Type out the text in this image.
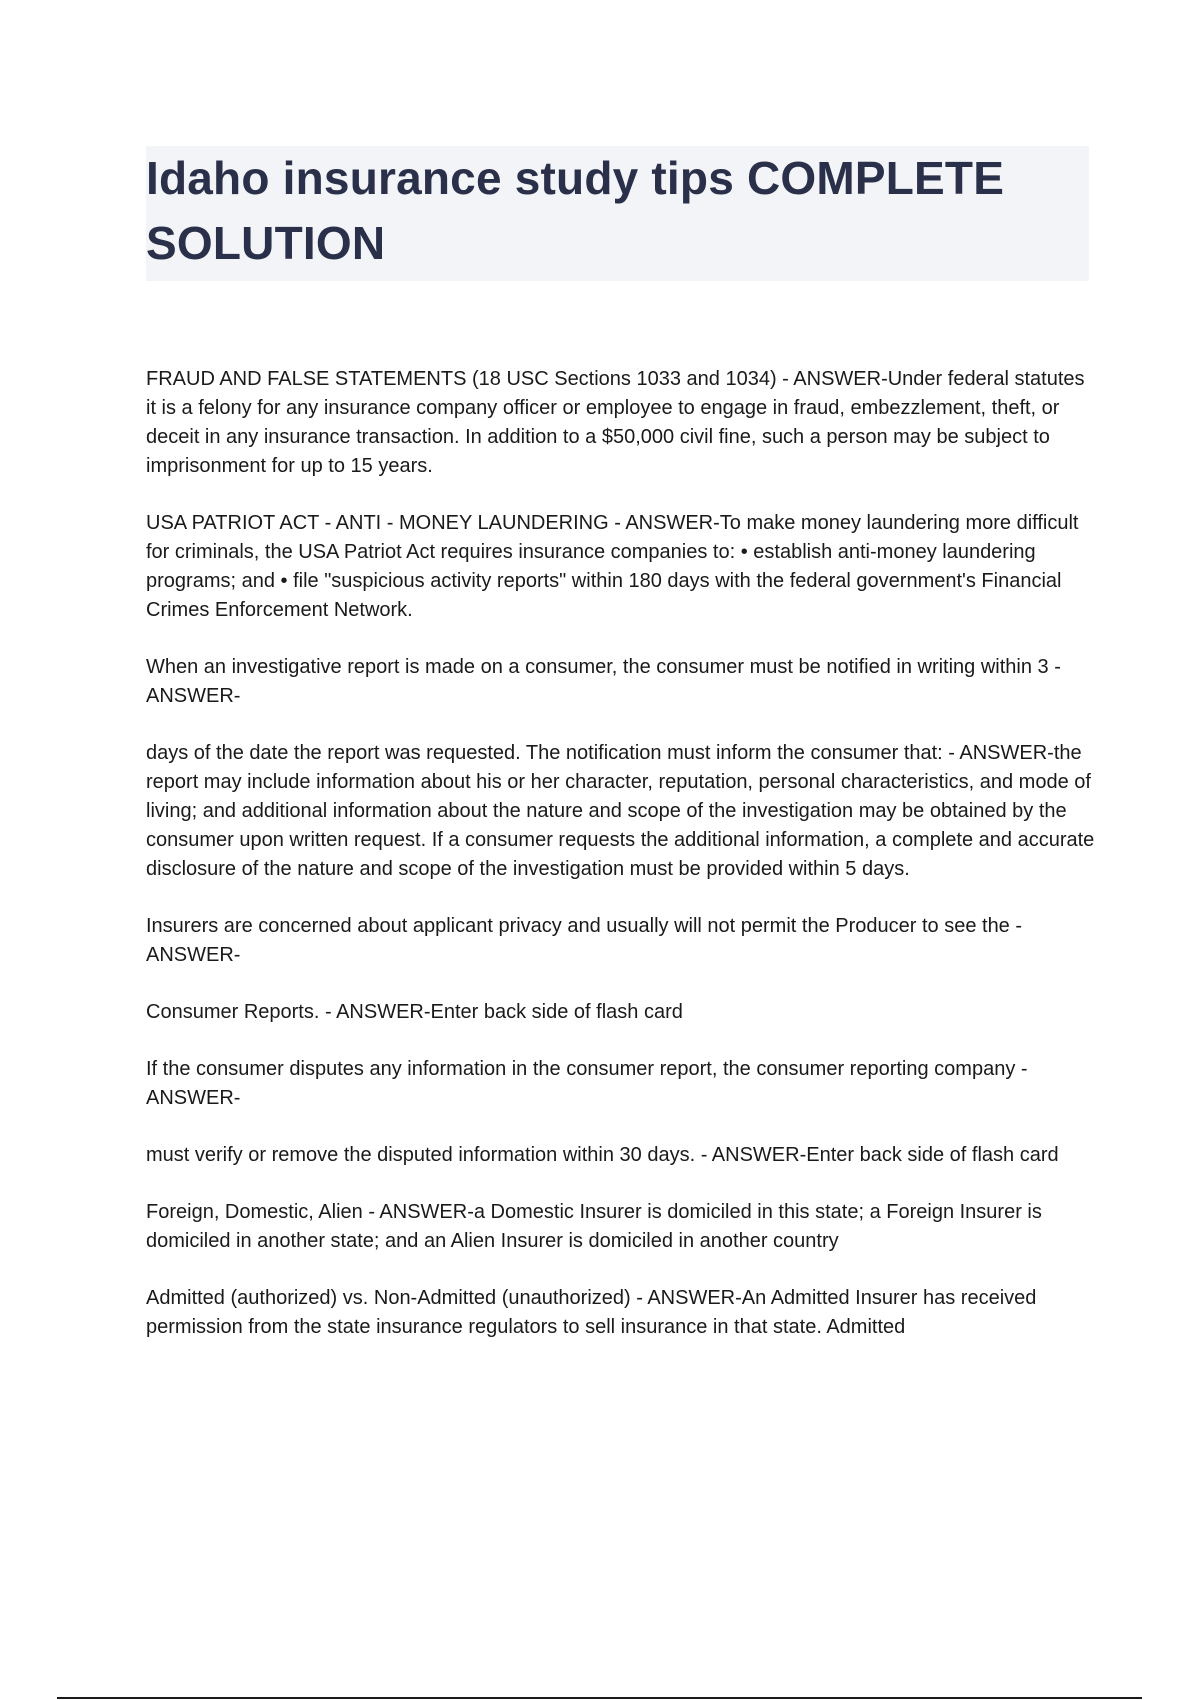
Idaho insurance study tips COMPLETE SOLUTION

FRAUD AND FALSE STATEMENTS (18 USC Sections 1033 and 1034) - ANSWER-Under federal statutes it is a felony for any insurance company officer or employee to engage in fraud, embezzlement, theft, or deceit in any insurance transaction. In addition to a $50,000 civil fine, such a person may be subject to imprisonment for up to 15 years.

USA PATRIOT ACT - ANTI - MONEY LAUNDERING - ANSWER-To make money laundering more difficult for criminals, the USA Patriot Act requires insurance companies to: • establish anti-money laundering programs; and • file "suspicious activity reports" within 180 days with the federal government's Financial Crimes Enforcement Network.

When an investigative report is made on a consumer, the consumer must be notified in writing within 3 - ANSWER-

days of the date the report was requested. The notification must inform the consumer that: - ANSWER-the report may include information about his or her character, reputation, personal characteristics, and mode of living; and additional information about the nature and scope of the investigation may be obtained by the consumer upon written request. If a consumer requests the additional information, a complete and accurate disclosure of the nature and scope of the investigation must be provided within 5 days.

Insurers are concerned about applicant privacy and usually will not permit the Producer to see the - ANSWER-

Consumer Reports. - ANSWER-Enter back side of flash card

If the consumer disputes any information in the consumer report, the consumer reporting company - ANSWER-

must verify or remove the disputed information within 30 days. - ANSWER-Enter back side of flash card

Foreign, Domestic, Alien - ANSWER-a Domestic Insurer is domiciled in this state; a Foreign Insurer is domiciled in another state; and an Alien Insurer is domiciled in another country

Admitted (authorized) vs. Non-Admitted (unauthorized) - ANSWER-An Admitted Insurer has received permission from the state insurance regulators to sell insurance in that state. Admitted
